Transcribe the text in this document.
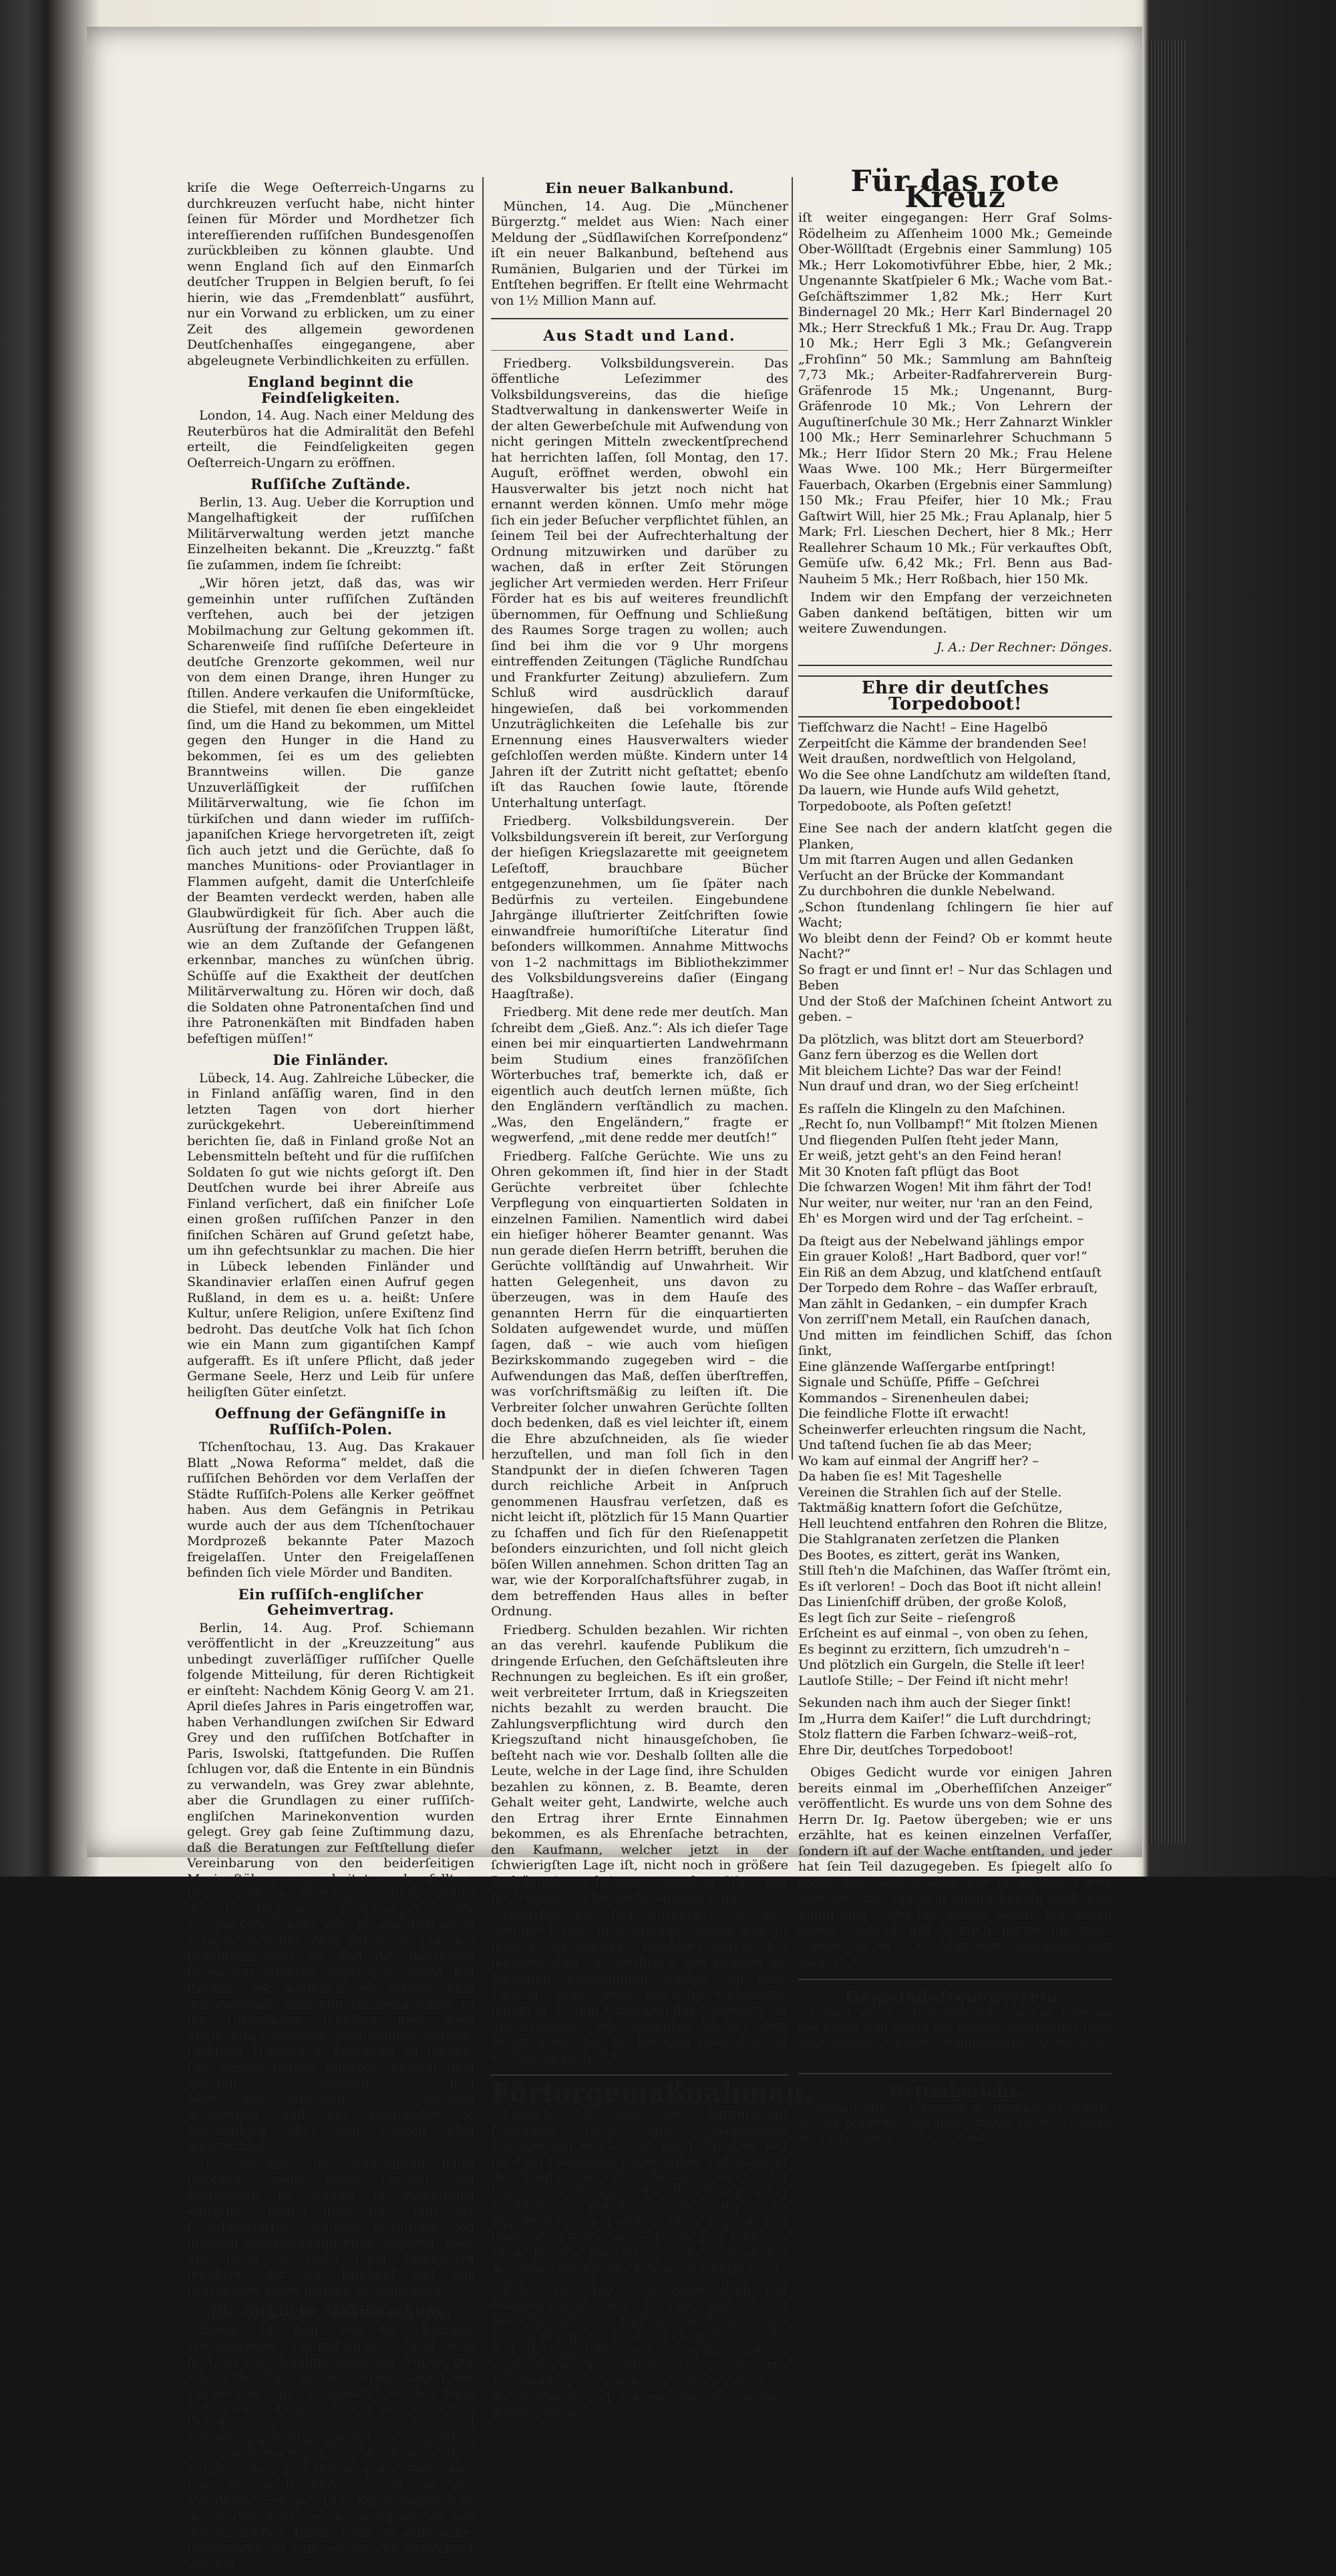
kriſe die Wege Oeſterreich-Ungarns zu durchkreuzen verſucht habe, nicht hinter ſeinen für Mörder und Mordhetzer ſich intereſſierenden ruſſiſchen Bundesgenoſſen zurückbleiben zu können glaubte. Und wenn England ſich auf den Einmarſch deutſcher Truppen in Belgien beruft, ſo ſei hierin, wie das „Fremdenblatt“ ausführt, nur ein Vorwand zu erblicken, um zu einer Zeit des allgemein gewordenen Deutſchenhaſſes eingegangene, aber abgeleugnete Verbindlichkeiten zu erfüllen.

England beginnt die Feindſeligkeiten.

London, 14. Aug. Nach einer Meldung des Reuterbüros hat die Admiralität den Befehl erteilt, die Feindſeligkeiten gegen Oeſterreich-Ungarn zu eröffnen.

Ruſſiſche Zuſtände.

Berlin, 13. Aug. Ueber die Korruption und Mangelhaftigkeit der ruſſiſchen Militärverwaltung werden jetzt manche Einzelheiten bekannt. Die „Kreuzztg.“ faßt ſie zuſammen, indem ſie ſchreibt:

„Wir hören jetzt, daß das, was wir gemeinhin unter ruſſiſchen Zuſtänden verſtehen, auch bei der jetzigen Mobilmachung zur Geltung gekommen iſt. Scharenweiſe ſind ruſſiſche Deſerteure in deutſche Grenzorte gekommen, weil nur von dem einen Drange, ihren Hunger zu ſtillen. Andere verkaufen die Uniformſtücke, die Stiefel, mit denen ſie eben eingekleidet ſind, um die Hand zu bekommen, um Mittel gegen den Hunger in die Hand zu bekommen, ſei es um des geliebten Branntweins willen. Die ganze Unzuverläſſigkeit der ruſſiſchen Militärverwaltung, wie ſie ſchon im türkiſchen und dann wieder im ruſſiſch-japaniſchen Kriege hervorgetreten iſt, zeigt ſich auch jetzt und die Gerüchte, daß ſo manches Munitions- oder Proviantlager in Flammen aufgeht, damit die Unterſchleife der Beamten verdeckt werden, haben alle Glaubwürdigkeit für ſich. Aber auch die Ausrüſtung der franzöſiſchen Truppen läßt, wie an dem Zuſtande der Gefangenen erkennbar, manches zu wünſchen übrig. Schüſſe auf die Exaktheit der deutſchen Militärverwaltung zu. Hören wir doch, daß die Soldaten ohne Patronentaſchen ſind und ihre Patronenkäſten mit Bindfaden haben befeſtigen müſſen!“

Die Finländer.

Lübeck, 14. Aug. Zahlreiche Lübecker, die in Finland anſäſſig waren, ſind in den letzten Tagen von dort hierher zurückgekehrt. Uebereinſtimmend berichten ſie, daß in Finland große Not an Lebensmitteln beſteht und für die ruſſiſchen Soldaten ſo gut wie nichts geſorgt iſt. Den Deutſchen wurde bei ihrer Abreiſe aus Finland verſichert, daß ein finiſcher Loſe einen großen ruſſiſchen Panzer in den finiſchen Schären auf Grund geſetzt habe, um ihn gefechtsunklar zu machen. Die hier in Lübeck lebenden Finländer und Skandinavier erlaſſen einen Aufruf gegen Rußland, in dem es u. a. heißt: Unſere Kultur, unſere Religion, unſere Exiſtenz ſind bedroht. Das deutſche Volk hat ſich ſchon wie ein Mann zum gigantiſchen Kampf aufgerafft. Es iſt unſere Pflicht, daß jeder Germane Seele, Herz und Leib für unſere heiligſten Güter einſetzt.

Oeffnung der Gefängniſſe in Ruſſiſch-Polen.

Tſchenſtochau, 13. Aug. Das Krakauer Blatt „Nowa Reforma“ meldet, daß die ruſſiſchen Behörden vor dem Verlaſſen der Städte Ruſſiſch-Polens alle Kerker geöffnet haben. Aus dem Gefängnis in Petrikau wurde auch der aus dem Tſchenſtochauer Mordprozeß bekannte Pater Mazoch freigelaſſen. Unter den Freigelaſſenen befinden ſich viele Mörder und Banditen.

Ein ruſſiſch-engliſcher Geheimvertrag.

Berlin, 14. Aug. Prof. Schiemann veröffentlicht in der „Kreuzzeitung“ aus unbedingt zuverläſſiger ruſſiſcher Quelle folgende Mitteilung, für deren Richtigkeit er einſteht: Nachdem König Georg V. am 21. April dieſes Jahres in Paris eingetroffen war, haben Verhandlungen zwiſchen Sir Edward Grey und den ruſſiſchen Botſchafter in Paris, Iswolski, ſtattgefunden. Die Ruſſen ſchlugen vor, daß die Entente in ein Bündnis zu verwandeln, was Grey zwar ablehnte, aber die Grundlagen zu einer ruſſiſch-engliſchen Marinekonvention wurden gelegt. Grey gab ſeine Zuſtimmung dazu, daß die Beratungen zur Feſtſtellung dieſer Vereinbarung von den beiderſeitigen Marineſtäben ausgearbeitet werden ſollten. Der ruſſiſche Marinegeneralſtab ſtellte darauf folgende Forderungen: Als Kompenſation dafür, daß für den Fall eines Krieges zwiſchen dem Dreibund und den Ententemächten ein Teil der deutſchen Flotte auf Rußland abgezogen werde, ſoll England vor Ausbruch des Krieges eine ausreichende Zahl von Handelsſchiffen in die Oſtſeehäfen ſchicken und dieſe engliſchen Fahrzeuge dazu benutzt werden, ruſſiſche Truppen in Pommern zu landen. Die Verhandlungen darüber wurden dem zweiten Sekretär und Marinebevollmächtigten Wolkow übertragen und der Botſchafter v. Benkendorff über den ganzen Plan unterrichtet.

Der Abſchluß der Konvention ſollte erfolgen, wenn Prinz Ludwig von Battenberg im Auguſt in Petersburg eintreffe. „Leider habe ich,“ ſagt der Berichterſtatter, „weitere Auskünfte von meinem Gewährsmann nicht erhalten, aber der Prinz iſt nicht nach Petersburg gefahren, der von Rußland und uns provozierte Krieg machte es unmöglich.“

Die türkiſche Mobilmachung.

Berlin, 14. Aug. Wie der „Berliner Lokalanzeiger“ von gut unterrichteter Seite hört, iſt die Mobilmachung der Türkei mit einem Reſultat, das alle Erwartungen der Türkei übertraf, durchgeführt worden. Dem Rufe zu den Fahnen ſind in den einzelnen Diſtrikten zwei- bis dreimal ſoviel Geſtellungspflichtige gefolgt, als vorgeſehen war, ſodaß die Ergänzung der Kadres ohne Schwierigkeit von ſtatten gehe. Beſonders trat das ernſt hervor, auch bei der Kavallerie zutage. Die Kriegsbereitſchaft der Türkei wird von der europäiſchen wie der aſiatiſchen Türkei kann als eine ganz, ſtellenweiſe als eine vorzügliche bezeichnet werden.

Ein neuer Balkanbund.

München, 14. Aug. Die „Münchener Bürgerztg.“ meldet aus Wien: Nach einer Meldung der „Südſlawiſchen Korreſpondenz“ iſt ein neuer Balkanbund, beſtehend aus Rumänien, Bulgarien und der Türkei im Entſtehen begriffen. Er ſtellt eine Wehrmacht von 1½ Million Mann auf.

Aus Stadt und Land.

Friedberg. Volksbildungsverein. Das öffentliche Leſezimmer des Volksbildungsvereins, das die hieſige Stadtverwaltung in dankenswerter Weiſe in der alten Gewerbeſchule mit Aufwendung von nicht geringen Mitteln zweckentſprechend hat herrichten laſſen, ſoll Montag, den 17. Auguſt, eröffnet werden, obwohl ein Hausverwalter bis jetzt noch nicht hat ernannt werden können. Umſo mehr möge ſich ein jeder Beſucher verpflichtet fühlen, an ſeinem Teil bei der Aufrechterhaltung der Ordnung mitzuwirken und darüber zu wachen, daß in erſter Zeit Störungen jeglicher Art vermieden werden. Herr Friſeur Förder hat es bis auf weiteres freundlichſt übernommen, für Oeffnung und Schließung des Raumes Sorge tragen zu wollen; auch ſind bei ihm die vor 9 Uhr morgens eintreffenden Zeitungen (Tägliche Rundſchau und Frankfurter Zeitung) abzuliefern. Zum Schluß wird ausdrücklich darauf hingewieſen, daß bei vorkommenden Unzuträglichkeiten die Leſehalle bis zur Ernennung eines Hausverwalters wieder geſchloſſen werden müßte. Kindern unter 14 Jahren iſt der Zutritt nicht geſtattet; ebenſo iſt das Rauchen ſowie laute, ſtörende Unterhaltung unterſagt.

Friedberg. Volksbildungsverein. Der Volksbildungsverein iſt bereit, zur Verſorgung der hieſigen Kriegslazarette mit geeignetem Leſeſtoff, brauchbare Bücher entgegenzunehmen, um ſie ſpäter nach Bedürfnis zu verteilen. Eingebundene Jahrgänge illuſtrierter Zeitſchriften ſowie einwandfreie humoriſtiſche Literatur ſind beſonders willkommen. Annahme Mittwochs von 1–2 nachmittags im Bibliothekzimmer des Volksbildungsvereins daſier (Eingang Haagſtraße).

Friedberg. Mit dene rede mer deutſch. Man ſchreibt dem „Gieß. Anz.“: Als ich dieſer Tage einen bei mir einquartierten Landwehrmann beim Studium eines franzöſiſchen Wörterbuches traf, bemerkte ich, daß er eigentlich auch deutſch lernen müßte, ſich den Engländern verſtändlich zu machen. „Was, den Engeländern,“ fragte er wegwerfend, „mit dene redde mer deutſch!“

Friedberg. Falſche Gerüchte. Wie uns zu Ohren gekommen iſt, ſind hier in der Stadt Gerüchte verbreitet über ſchlechte Verpflegung von einquartierten Soldaten in einzelnen Familien. Namentlich wird dabei ein hieſiger höherer Beamter genannt. Was nun gerade dieſen Herrn betrifft, beruhen die Gerüchte vollſtändig auf Unwahrheit. Wir hatten Gelegenheit, uns davon zu überzeugen, was in dem Hauſe des genannten Herrn für die einquartierten Soldaten aufgewendet wurde, und müſſen ſagen, daß – wie auch vom hieſigen Bezirkskommando zugegeben wird – die Aufwendungen das Maß, deſſen überſtreffen, was vorſchriftsmäßig zu leiſten iſt. Die Verbreiter ſolcher unwahren Gerüchte ſollten doch bedenken, daß es viel leichter iſt, einem die Ehre abzuſchneiden, als ſie wieder herzuſtellen, und man ſoll ſich in den Standpunkt der in dieſen ſchweren Tagen durch reichliche Arbeit in Anſpruch genommenen Hausfrau verſetzen, daß es nicht leicht iſt, plötzlich für 15 Mann Quartier zu ſchaffen und ſich für den Rieſenappetit beſonders einzurichten, und ſoll nicht gleich böſen Willen annehmen. Schon dritten Tag an war, wie der Korporalſchaftsführer zugab, in dem betreffenden Haus alles in beſter Ordnung.

Friedberg. Schulden bezahlen. Wir richten an das verehrl. kaufende Publikum die dringende Erſuchen, den Geſchäftsleuten ihre Rechnungen zu begleichen. Es iſt ein großer, weit verbreiteter Irrtum, daß in Kriegszeiten nichts bezahlt zu werden braucht. Die Zahlungsverpflichtung wird durch den Kriegszuſtand nicht hinausgeſchoben, ſie beſteht nach wie vor. Deshalb ſollten alle die Leute, welche in der Lage ſind, ihre Schulden bezahlen zu können, z. B. Beamte, deren Gehalt weiter geht, Landwirte, welche auch den Ertrag ihrer Ernte Einnahmen bekommen, es als Ehrenſache betrachten, den Kaufmann, welcher jetzt in der ſchwierigſten Lage iſt, nicht noch in größere Bedrängnis zu bringen, zumal er Ware nur noch gegen vorherige Bezahlung erhält.

Ober-Rosbach. Der Rosbacher Brunnen, welcher bisher in engliſchem Beſitz war, iſt ſeitens des früheren Direktors bereits ſeit längerer Zeit vor Ausbruch des Krieges als Pachtung übernommen worden. Der neue Pächter zeigt ſeine deutſche Geſinnung, indem er 10 000 Füllungen des beſonders für die Kriegszeit ſehr beliebten Waſſers dem Roten Kreuz für die hieſigen Lazarette zur Verfügung geſtellt hat.

Fürſorgemaßnahmen.

Lübeck, 14. Aug. Die Bürgerſchaft bewilligte nach einer erhebenden Kundgebung einſtimmig allen Familien der ins Feld rückenden Angeſtellten und Arbeiter des Staates die vollen Bezüge während der Dauer des Krieges, die Errichtung einer ſtaatlichen Beleihungskaſſe für die Hypotheken mit 5 Million Mark Kapital, und ſtellte dem Senat einen Fonds von 1 Million Mark für die Beſtreitung außerordentlicher Ausgaben infolge des Krieges zur Verfügung.

Köln, 14. Aug. Die Angeſtellten der ſozialdemokratiſchen Vereine und freien Gewerkſchaften hielten geſtern eine Verſammlung ab, in der beſchloſſen wurde, daß alle Angeſtellten ½ bezw. ⅓ ihres Gehalts zugunſten der Kriegsfürſorge verwenden. Die Angeſtellten mit mittlerem Gehalt zahlen ¼, die mittleren und höheren Beamten dieſem Beiſpiel folgen.

Für das rote Kreuz

iſt weiter eingegangen: Herr Graf Solms-Rödelheim zu Aſſenheim 1000 Mk.; Gemeinde Ober-Wöllſtadt (Ergebnis einer Sammlung) 105 Mk.; Herr Lokomotivführer Ebbe, hier, 2 Mk.; Ungenannte Skatſpieler 6 Mk.; Wache vom Bat.-Geſchäftszimmer 1,82 Mk.; Herr Kurt Bindernagel 20 Mk.; Herr Karl Bindernagel 20 Mk.; Herr Streckfuß 1 Mk.; Frau Dr. Aug. Trapp 10 Mk.; Herr Egli 3 Mk.; Geſangverein „Frohſinn“ 50 Mk.; Sammlung am Bahnſteig 7,73 Mk.; Arbeiter-Radfahrerverein Burg-Gräfenrode 15 Mk.; Ungenannt, Burg-Gräfenrode 10 Mk.; Von Lehrern der Auguſtinerſchule 30 Mk.; Herr Zahnarzt Winkler 100 Mk.; Herr Seminarlehrer Schuchmann 5 Mk.; Herr Iſidor Stern 20 Mk.; Frau Helene Waas Wwe. 100 Mk.; Herr Bürgermeiſter Fauerbach, Okarben (Ergebnis einer Sammlung) 150 Mk.; Frau Pfeifer, hier 10 Mk.; Frau Gaſtwirt Will, hier 25 Mk.; Frau Aplanalp, hier 5 Mark; Frl. Lieschen Dechert, hier 8 Mk.; Herr Reallehrer Schaum 10 Mk.; Für verkauftes Obſt, Gemüſe uſw. 6,42 Mk.; Frl. Benn aus Bad-Nauheim 5 Mk.; Herr Roßbach, hier 150 Mk.

Indem wir den Empfang der verzeichneten Gaben dankend beſtätigen, bitten wir um weitere Zuwendungen.

J. A.: Der Rechner: Dönges.

Ehre dir deutſches Torpedoboot!

Tiefſchwarz die Nacht! – Eine Hagelbö
Zerpeitſcht die Kämme der brandenden See!
Weit draußen, nordweſtlich von Helgoland,
Wo die See ohne Landſchutz am wildeſten ſtand,
Da lauern, wie Hunde aufs Wild gehetzt,
Torpedoboote, als Poſten geſetzt!

Eine See nach der andern klatſcht gegen die Planken,
Um mit ſtarren Augen und allen Gedanken
Verſucht an der Brücke der Kommandant
Zu durchbohren die dunkle Nebelwand.
„Schon ſtundenlang ſchlingern ſie hier auf Wacht;
Wo bleibt denn der Feind? Ob er kommt heute Nacht?“
So fragt er und ſinnt er! – Nur das Schlagen und Beben
Und der Stoß der Maſchinen ſcheint Antwort zu geben. –

Da plötzlich, was blitzt dort am Steuerbord?
Ganz fern überzog es die Wellen dort
Mit bleichem Lichte? Das war der Feind!
Nun drauf und dran, wo der Sieg erſcheint!

Es raſſeln die Klingeln zu den Maſchinen.
„Recht ſo, nun Vollbampf!“ Mit ſtolzen Mienen
Und fliegenden Pulſen ſteht jeder Mann,
Er weiß, jetzt geht's an den Feind heran!
Mit 30 Knoten faſt pflügt das Boot
Die ſchwarzen Wogen! Mit ihm fährt der Tod!
Nur weiter, nur weiter, nur 'ran an den Feind,
Eh' es Morgen wird und der Tag erſcheint. –

Da ſteigt aus der Nebelwand jählings empor
Ein grauer Koloß! „Hart Badbord, quer vor!“
Ein Riß an dem Abzug, und klatſchend entſauſt
Der Torpedo dem Rohre – das Waſſer erbrauſt,
Man zählt in Gedanken, – ein dumpfer Krach
Von zerriſſ'nem Metall, ein Rauſchen danach,
Und mitten im feindlichen Schiff, das ſchon ſinkt,
Eine glänzende Waſſergarbe entſpringt!
Signale und Schüſſe, Pfiffe – Geſchrei
Kommandos – Sirenenheulen dabei;
Die feindliche Flotte iſt erwacht!
Scheinwerfer erleuchten ringsum die Nacht,
Und taſtend ſuchen ſie ab das Meer;
Wo kam auf einmal der Angriff her? –
Da haben ſie es! Mit Tageshelle
Vereinen die Strahlen ſich auf der Stelle.
Taktmäßig knattern ſofort die Geſchütze,
Hell leuchtend entfahren den Rohren die Blitze,
Die Stahlgranaten zerſetzen die Planken
Des Bootes, es zittert, gerät ins Wanken,
Still ſteh'n die Maſchinen, das Waſſer ſtrömt ein,
Es iſt verloren! – Doch das Boot iſt nicht allein!
Das Linienſchiff drüben, der große Koloß,
Es legt ſich zur Seite – rieſengroß
Erſcheint es auf einmal –, von oben zu ſehen,
Es beginnt zu erzittern, ſich umzudreh'n –
Und plötzlich ein Gurgeln, die Stelle iſt leer!
Lautloſe Stille; – Der Feind iſt nicht mehr!

Sekunden nach ihm auch der Sieger ſinkt!
Im „Hurra dem Kaiſer!“ die Luft durchdringt;
Stolz flattern die Farben ſchwarz–weiß–rot,
Ehre Dir, deutſches Torpedoboot!

Obiges Gedicht wurde vor einigen Jahren bereits einmal im „Oberheſſiſchen Anzeiger“ veröffentlicht. Es wurde uns von dem Sohne des Herrn Dr. Ig. Paetow übergeben; wie er uns erzählte, hat es keinen einzelnen Verfaſſer, ſondern iſt auf der Wache entſtanden, und jeder hat ſein Teil dazugegeben. Es ſpiegelt alſo ſo recht den Geiſt wieder, der in unſerer Flotte herrſcht, und von dem unſere Feinde auch jetzt ſchon eine Probe bekommen haben. Wir geben dieſes Gedicht auf Wunſch gerne nochmals wieder, da es ſ. Zt. Manchem entgangen ſein mag. D. R.

Gemeindefrauenverein.

Unſere Vereinsarbeit geht ruhig weiter, während des Kriegs zum beſten der Ausmarſchierten und ihrer Angehörigen. Nächſte Zuſammenkunft Dienstag, 18. Auguſt.

Wetterbericht.

Vorausſichtliche Witterung für Sonntag 16. Auguſt: Wolkig zeitweiſe Regenfälle, mäßig warm, zunächſt nördliche, ſpäter weſtliche Winde.
